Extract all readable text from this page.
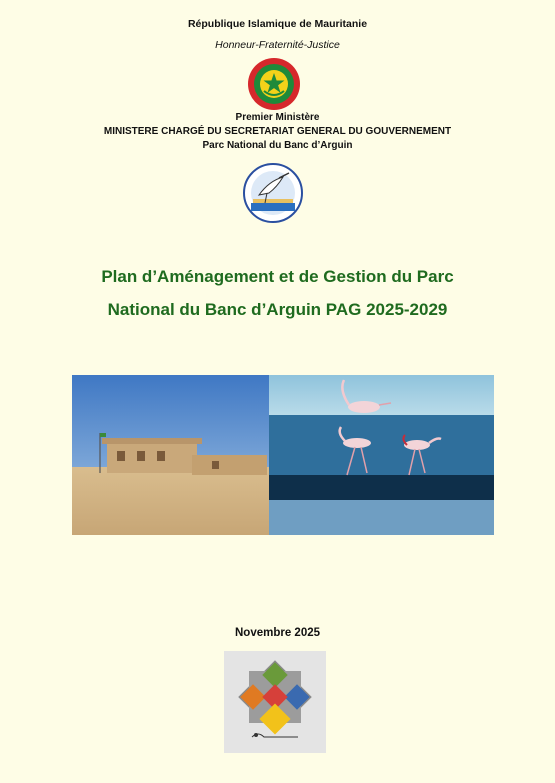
République Islamique de Mauritanie

Honneur-Fraternité-Justice

Premier Ministère

MINISTERE CHARGÉ DU SECRETARIAT GENERAL DU GOUVERNEMENT

Parc National du Banc d’Arguin

Plan d’Aménagement et de Gestion du Parc

National du Banc d’Arguin PAG 2025-2029

Novembre 2025
